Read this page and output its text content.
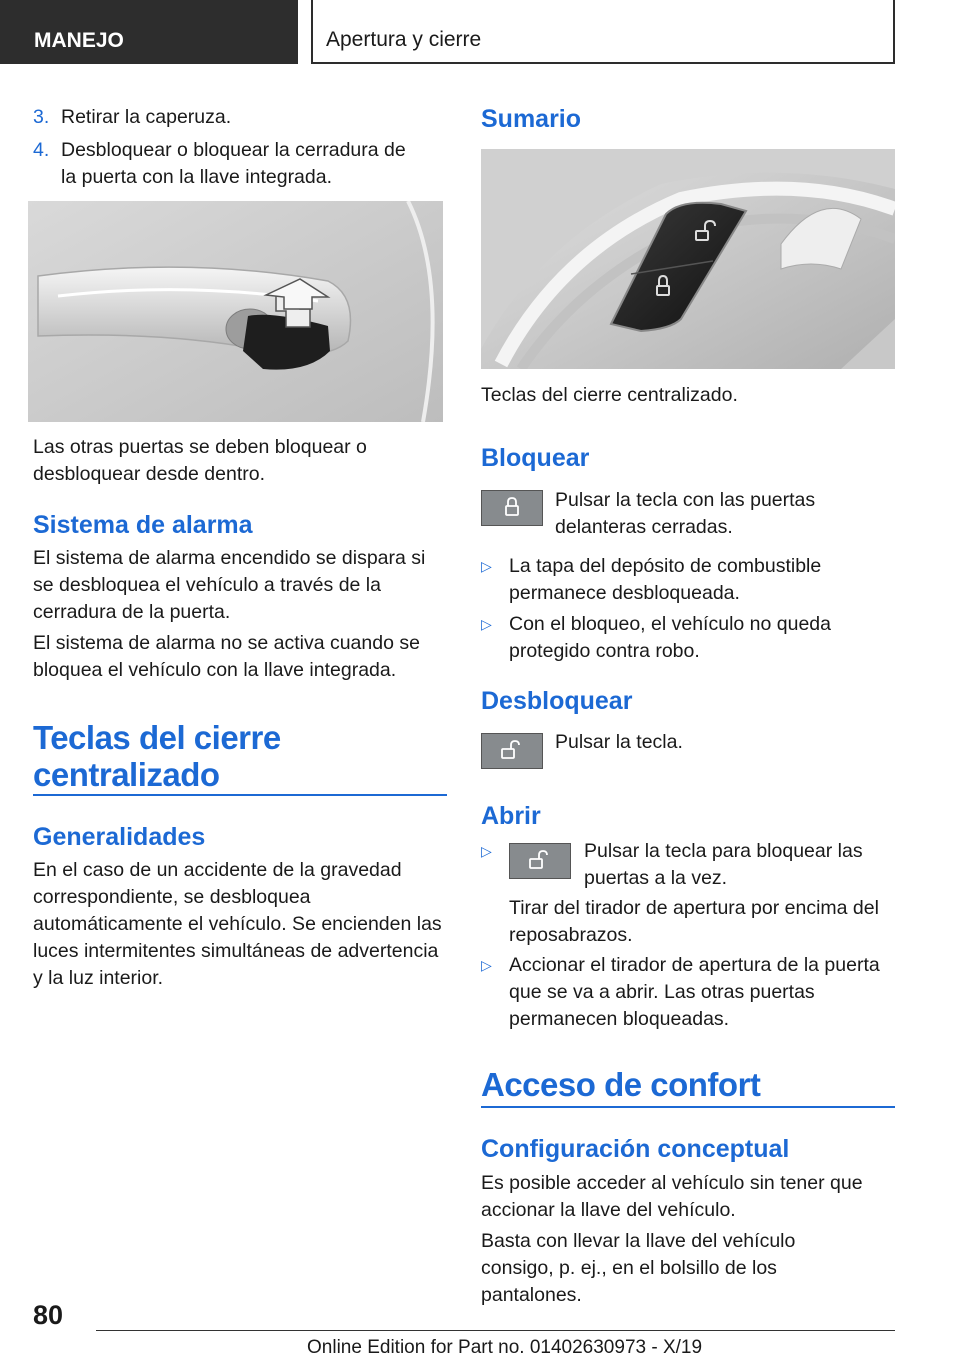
MANEJO	Apertura y cierre
3. Retirar la caperuza.
4. Desbloquear o bloquear la cerradura de la puerta con la llave integrada.

Las otras puertas se deben bloquear o desbloquear desde dentro.

Sistema de alarma

El sistema de alarma encendido se dispara si se desbloquea el vehículo a través de la cerradura de la puerta.

El sistema de alarma no se activa cuando se bloquea el vehículo con la llave integrada.

Teclas del cierre centralizado
Generalidades

En el caso de un accidente de la gravedad correspondiente, se desbloquea automáticamente el vehículo. Se encienden las luces intermitentes simultáneas de advertencia y la luz interior.

Sumario

Teclas del cierre centralizado.

Bloquear

Pulsar la tecla con las puertas delanteras cerradas.

▷ La tapa del depósito de combustible permanece desbloqueada.
▷ Con el bloqueo, el vehículo no queda protegido contra robo.
Desbloquear

Pulsar la tecla.

Abrir
▷	Pulsar la tecla para bloquear las puertas a la vez.

Tirar del tirador de apertura por encima del reposabrazos.

▷ Accionar el tirador de apertura de la puerta que se va a abrir. Las otras puertas permanecen bloqueadas.
Acceso de confort
Configuración conceptual

Es posible acceder al vehículo sin tener que accionar la llave del vehículo.

Basta con llevar la llave del vehículo consigo, p. ej., en el bolsillo de los pantalones.

80
Online Edition for Part no. 01402630973 - X/19
